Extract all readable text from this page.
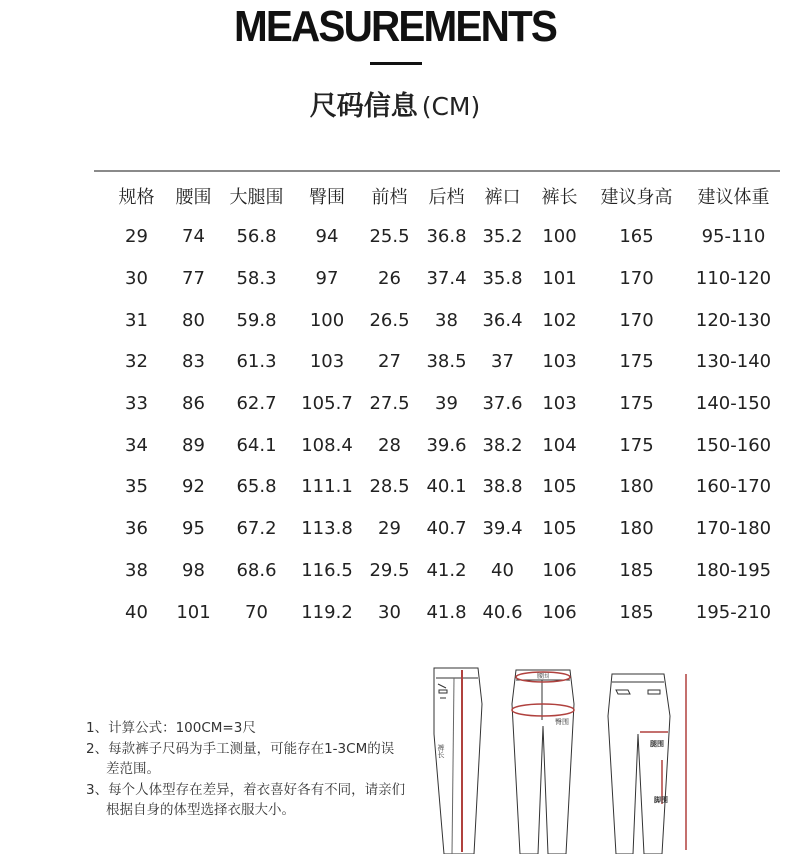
MEASUREMENTS
尺码信息 (CM)
规格	腰围	大腿围	臀围	前档	后档	裤口	裤长	建议身高	建议体重
29	74	56.8	94	25.5	36.8	35.2	100	165	95-110
30	77	58.3	97	26	37.4	35.8	101	170	110-120
31	80	59.8	100	26.5	38	36.4	102	170	120-130
32	83	61.3	103	27	38.5	37	103	175	130-140
33	86	62.7	105.7	27.5	39	37.6	103	175	140-150
34	89	64.1	108.4	28	39.6	38.2	104	175	150-160
35	92	65.8	111.1	28.5	40.1	38.8	105	180	160-170
36	95	67.2	113.8	29	40.7	39.4	105	180	170-180
38	98	68.6	116.5	29.5	41.2	40	106	185	180-195
40	101	70	119.2	30	41.8	40.6	106	185	195-210
1、计算公式：100CM=3尺
2、每款裤子尺码为手工测量，可能存在1-3CM的误差范围。
3、每个人体型存在差异，着衣喜好各有不同，请亲们根据自身的体型选择衣服大小。
裤长
腰围
臀围
腿围
脚围
